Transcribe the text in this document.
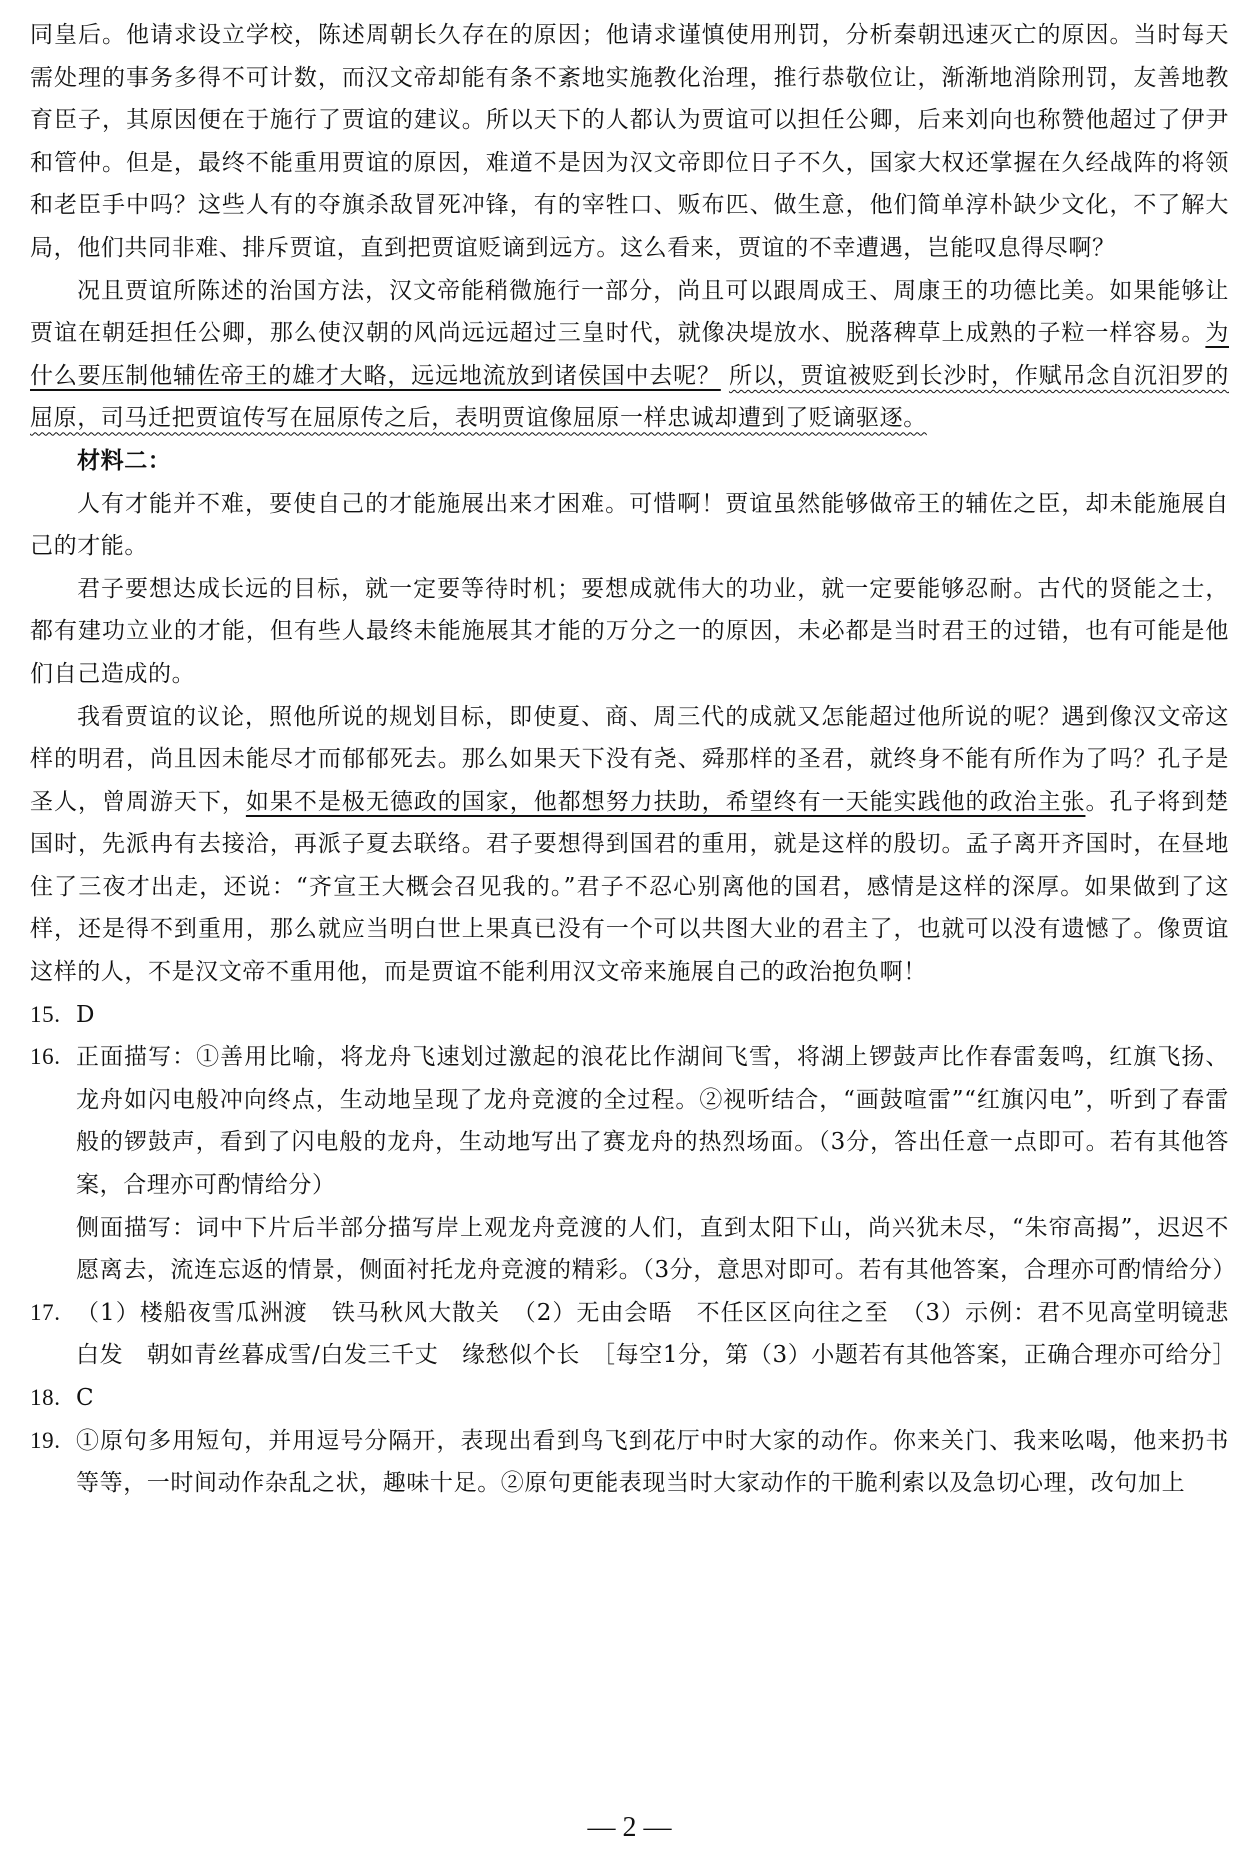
同皇后。他请求设立学校，陈述周朝长久存在的原因；他请求谨慎使用刑罚，分析秦朝迅速灭亡的原因。当时每天需处理的事务多得不可计数，而汉文帝却能有条不紊地实施教化治理，推行恭敬位让，渐渐地消除刑罚，友善地教育臣子，其原因便在于施行了贾谊的建议。所以天下的人都认为贾谊可以担任公卿，后来刘向也称赞他超过了伊尹和管仲。但是，最终不能重用贾谊的原因，难道不是因为汉文帝即位日子不久，国家大权还掌握在久经战阵的将领和老臣手中吗？这些人有的夺旗杀敌冒死冲锋，有的宰牲口、贩布匹、做生意，他们简单淳朴缺少文化，不了解大局，他们共同非难、排斥贾谊，直到把贾谊贬谪到远方。这么看来，贾谊的不幸遭遇，岂能叹息得尽啊？

况且贾谊所陈述的治国方法，汉文帝能稍微施行一部分，尚且可以跟周成王、周康王的功德比美。如果能够让贾谊在朝廷担任公卿，那么使汉朝的风尚远远超过三皇时代，就像决堤放水、脱落稗草上成熟的子粒一样容易。为什么要压制他辅佐帝王的雄才大略，远远地流放到诸侯国中去呢？ 所以，贾谊被贬到长沙时，作赋吊念自沉汨罗的屈原，司马迁把贾谊传写在屈原传之后，表明贾谊像屈原一样忠诚却遭到了贬谪驱逐。

材料二：

人有才能并不难，要使自己的才能施展出来才困难。可惜啊！贾谊虽然能够做帝王的辅佐之臣，却未能施展自己的才能。

君子要想达成长远的目标，就一定要等待时机；要想成就伟大的功业，就一定要能够忍耐。古代的贤能之士，都有建功立业的才能，但有些人最终未能施展其才能的万分之一的原因，未必都是当时君王的过错，也有可能是他们自己造成的。

我看贾谊的议论，照他所说的规划目标，即使夏、商、周三代的成就又怎能超过他所说的呢？遇到像汉文帝这样的明君，尚且因未能尽才而郁郁死去。那么如果天下没有尧、舜那样的圣君，就终身不能有所作为了吗？孔子是圣人，曾周游天下，如果不是极无德政的国家，他都想努力扶助，希望终有一天能实践他的政治主张。孔子将到楚国时，先派冉有去接洽，再派子夏去联络。君子要想得到国君的重用，就是这样的殷切。孟子离开齐国时，在昼地住了三夜才出走，还说：“齐宣王大概会召见我的。”君子不忍心别离他的国君，感情是这样的深厚。如果做到了这样，还是得不到重用，那么就应当明白世上果真已没有一个可以共图大业的君主了，也就可以没有遗憾了。像贾谊这样的人，不是汉文帝不重用他，而是贾谊不能利用汉文帝来施展自己的政治抱负啊！

15. D

16. 正面描写：①善用比喻，将龙舟飞速划过激起的浪花比作湖间飞雪，将湖上锣鼓声比作春雷轰鸣，红旗飞扬、龙舟如闪电般冲向终点，生动地呈现了龙舟竞渡的全过程。②视听结合，“画鼓喧雷”“红旗闪电”，听到了春雷般的锣鼓声，看到了闪电般的龙舟，生动地写出了赛龙舟的热烈场面。（3分，答出任意一点即可。若有其他答案，合理亦可酌情给分）

侧面描写：词中下片后半部分描写岸上观龙舟竞渡的人们，直到太阳下山，尚兴犹未尽，“朱帘高揭”，迟迟不愿离去，流连忘返的情景，侧面衬托龙舟竞渡的精彩。（3分，意思对即可。若有其他答案，合理亦可酌情给分）

17. （1）楼船夜雪瓜洲渡　铁马秋风大散关　（2）无由会晤　不任区区向往之至　（3）示例：君不见高堂明镜悲白发　朝如青丝暮成雪/白发三千丈　缘愁似个长　［每空1分，第（3）小题若有其他答案，正确合理亦可给分］

18. C

19. ①原句多用短句，并用逗号分隔开，表现出看到鸟飞到花厅中时大家的动作。你来关门、我来吆喝，他来扔书等等，一时间动作杂乱之状，趣味十足。②原句更能表现当时大家动作的干脆利索以及急切心理，改句加上

— 2 —
